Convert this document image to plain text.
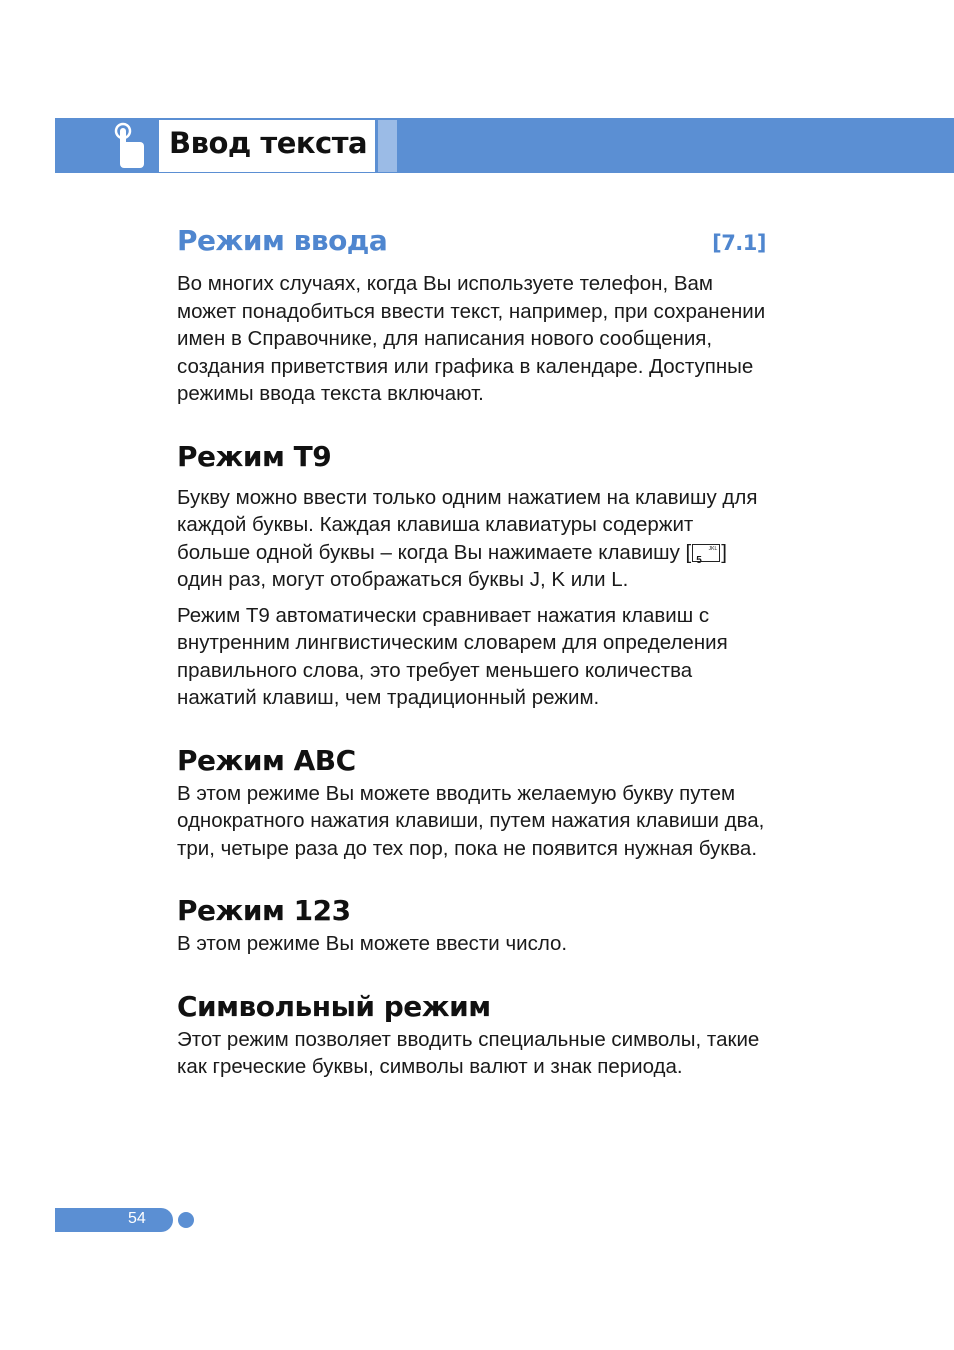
Ввод текста
Режим ввода	[7.1]

Во многих случаях, когда Вы используете телефон, Вам может понадобиться ввести текст, например, при сохранении имен в Справочнике, для написания нового сообщения, создания приветствия или графика в календаре. Доступные режимы ввода текста включают.

Режим T9

Букву можно ввести только одним нажатием на клавишу для каждой буквы. Каждая клавиша клавиатуры содержит больше одной буквы – когда Вы нажимаете клавишу [ 5
JKL ] один раз, могут отображаться буквы J, K или L.

Режим T9 автоматически сравнивает нажатия клавиш с внутренним лингвистическим словарем для определения правильного слова, это требует меньшего количества нажатий клавиш, чем традиционный режим.

Режим ABC

В этом режиме Вы можете вводить желаемую букву путем однократного нажатия клавиши, путем нажатия клавиши два, три, четыре раза до тех пор, пока не появится нужная буква.

Режим 123

В этом режиме Вы можете ввести число.

Символьный режим

Этот режим позволяет вводить специальные символы, такие как греческие буквы, символы валют и знак периода.

54
